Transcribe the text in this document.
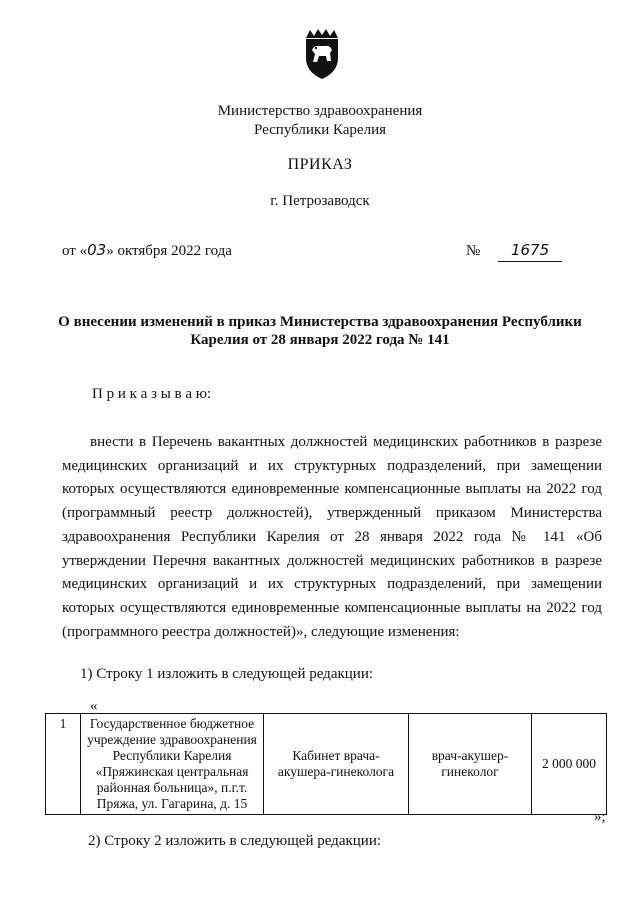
Министерство здравоохранения
Республики Карелия
ПРИКАЗ
г. Петрозаводск
от «03» октября 2022 года	№ 1675
О внесении изменений в приказ Министерства здравоохранения Республики
Карелия от 28 января 2022 года № 141
П р и к а з ы в а ю:

внести в Перечень вакантных должностей медицинских работников в разрезе медицинских организаций и их структурных подразделений, при замещении которых осуществляются единовременные компенсационные выплаты на 2022 год (программный реестр должностей), утвержденный приказом Министерства здравоохранения Республики Карелия от 28 января 2022 года № 141 «Об утверждении Перечня вакантных должностей медицинских работников в разрезе медицинских организаций и их структурных подразделений, при замещении которых осуществляются единовременные компенсационные выплаты на 2022 год (программного реестра должностей)», следующие изменения:

1) Строку 1 изложить в следующей редакции:
«
1	Государственное бюджетное учреждение здравоохранения Республики Карелия «Пряжинская центральная районная больница», п.г.т. Пряжа, ул. Гагарина, д. 15	Кабинет врача-акушера-гинеколога	врач-акушер-гинеколог	2 000 000
»;
2) Строку 2 изложить в следующей редакции:
